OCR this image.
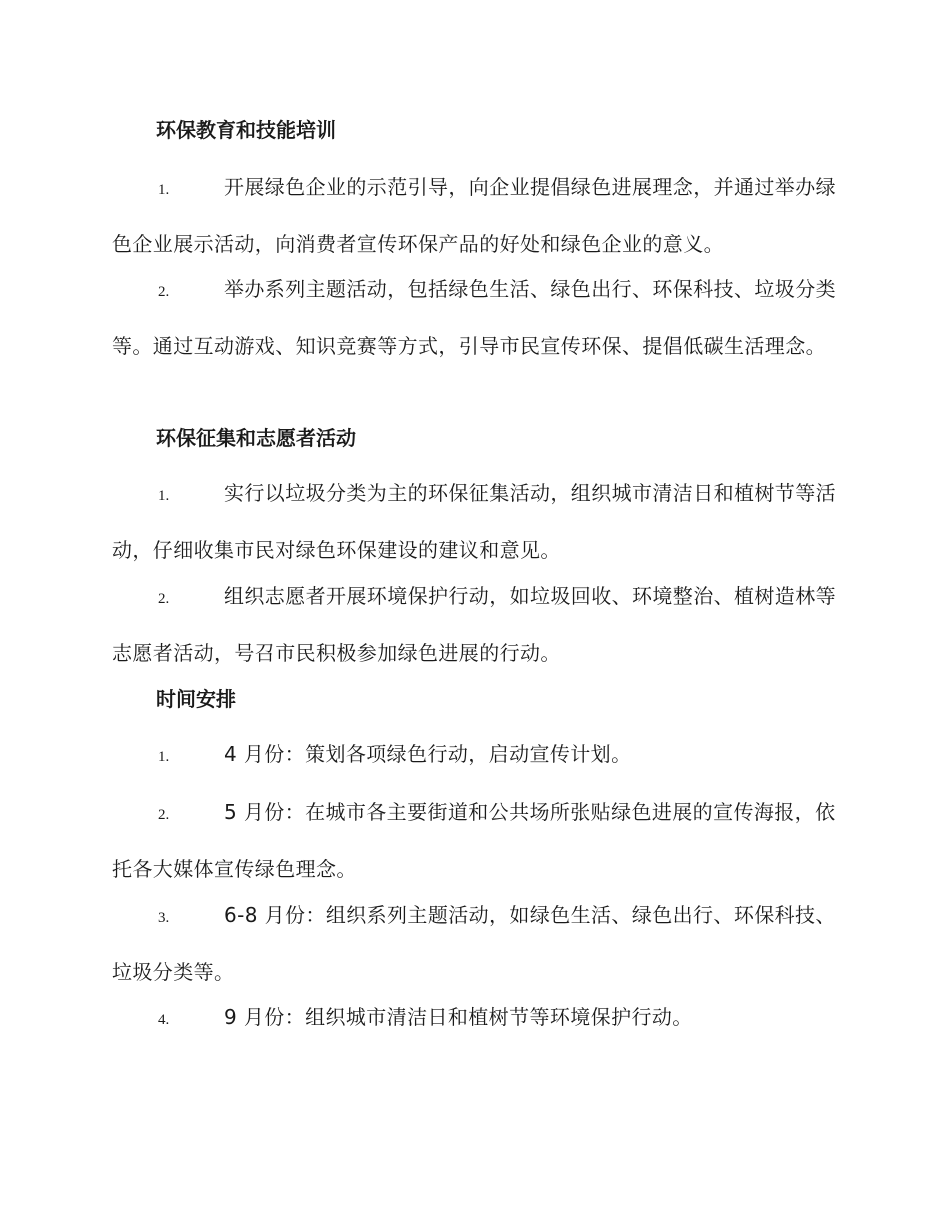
环保教育和技能培训

1.	开展绿色企业的示范引导，向企业提倡绿色进展理念，并通过举办绿色企业展示活动，向消费者宣传环保产品的好处和绿色企业的意义。

2.	举办系列主题活动，包括绿色生活、绿色出行、环保科技、垃圾分类等。通过互动游戏、知识竞赛等方式，引导市民宣传环保、提倡低碳生活理念。

环保征集和志愿者活动

1.	实行以垃圾分类为主的环保征集活动，组织城市清洁日和植树节等活动，仔细收集市民对绿色环保建设的建议和意见。

2.	组织志愿者开展环境保护行动，如垃圾回收、环境整治、植树造林等志愿者活动，号召市民积极参加绿色进展的行动。

时间安排

1.	4 月份：策划各项绿色行动，启动宣传计划。

2.	5 月份：在城市各主要街道和公共场所张贴绿色进展的宣传海报，依托各大媒体宣传绿色理念。

3.	6-8 月份：组织系列主题活动，如绿色生活、绿色出行、环保科技、垃圾分类等。

4.	9 月份：组织城市清洁日和植树节等环境保护行动。
